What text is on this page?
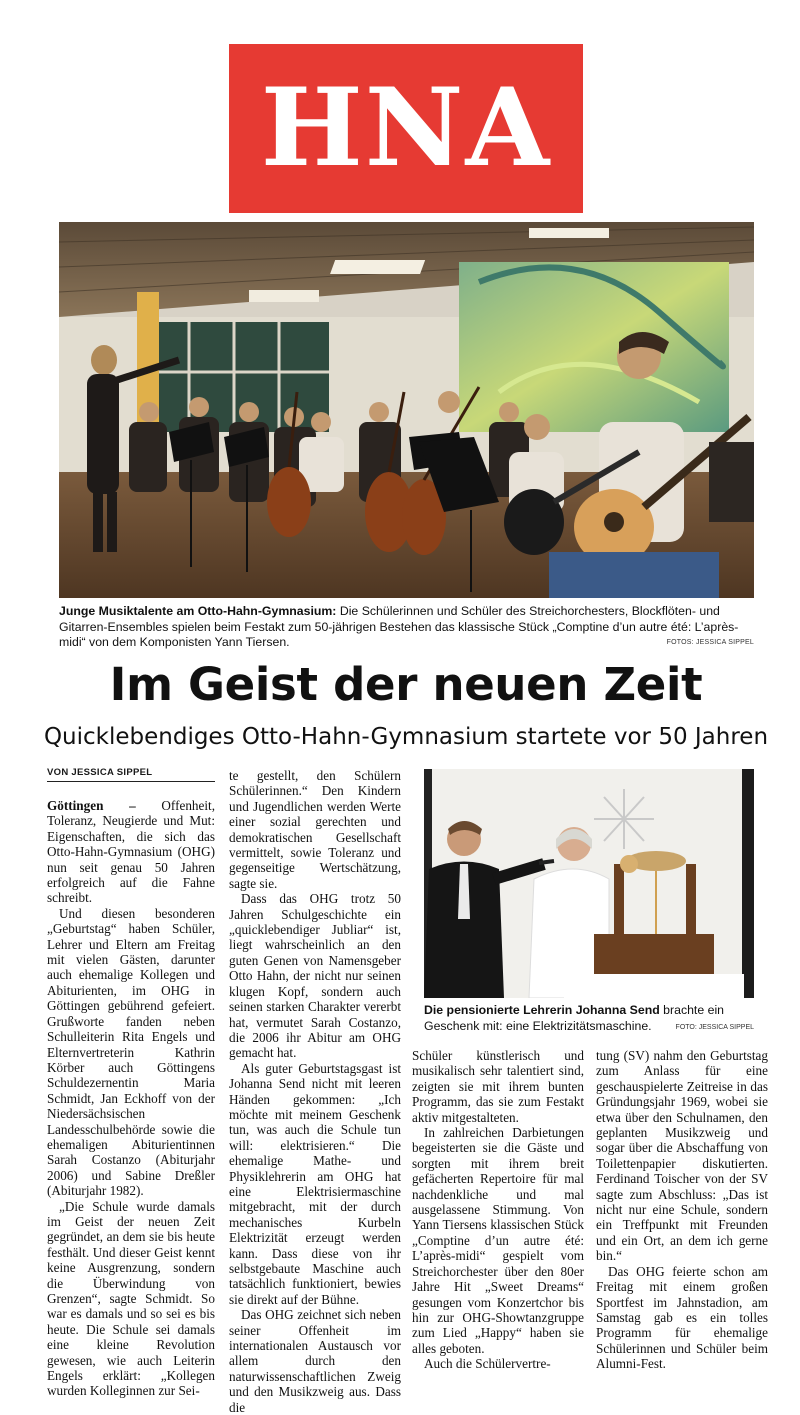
HNA
Junge Musiktalente am Otto-Hahn-Gymnasium: Die Schülerinnen und Schüler des Streichorchesters, Blockflöten- und Gitarren-Ensembles spielen beim Festakt zum 50-jährigen Bestehen das klassische Stück „Comptine d’un autre été: L’après-midi“ von dem Komponisten Yann Tiersen.	FOTOS: JESSICA SIPPEL
Im Geist der neuen Zeit
Quicklebendiges Otto-Hahn-Gymnasium startete vor 50 Jahren
VON JESSICA SIPPEL

Göttingen – Offenheit, Toleranz, Neugierde und Mut: Eigenschaften, die sich das Otto-Hahn-Gymnasium (OHG) nun seit genau 50 Jahren erfolgreich auf die Fahne schreibt.

Und diesen besonderen „Geburtstag“ haben Schüler, Lehrer und Eltern am Freitag mit vielen Gästen, darunter auch ehemalige Kollegen und Abiturienten, im OHG in Göttingen gebührend gefeiert. Grußworte fanden neben Schulleiterin Rita Engels und Elternvertreterin Kathrin Körber auch Göttingens Schuldezernentin Maria Schmidt, Jan Eckhoff von der Niedersächsischen Landesschulbehörde sowie die ehemaligen Abiturientinnen Sarah Costanzo (Abiturjahr 2006) und Sabine Dreßler (Abiturjahr 1982).

„Die Schule wurde damals im Geist der neuen Zeit gegründet, an dem sie bis heute festhält. Und dieser Geist kennt keine Ausgrenzung, sondern die Überwindung von Grenzen“, sagte Schmidt. So war es damals und so sei es bis heute. Die Schule sei damals eine kleine Revolution gewesen, wie auch Leiterin Engels erklärt: „Kollegen wurden Kolleginnen zur Sei-

te gestellt, den Schülern Schülerinnen.“ Den Kindern und Jugendlichen werden Werte einer sozial gerechten und demokratischen Gesellschaft vermittelt, sowie Toleranz und gegenseitige Wertschätzung, sagte sie.

Dass das OHG trotz 50 Jahren Schulgeschichte ein „quicklebendiger Jubliar“ ist, liegt wahrscheinlich an den guten Genen von Namensgeber Otto Hahn, der nicht nur seinen klugen Kopf, sondern auch seinen starken Charakter vererbt hat, vermutet Sarah Costanzo, die 2006 ihr Abitur am OHG gemacht hat.

Als guter Geburtstagsgast ist Johanna Send nicht mit leeren Händen gekommen: „Ich möchte mit meinem Geschenk tun, was auch die Schule tun will: elektrisieren.“ Die ehemalige Mathe- und Physiklehrerin am OHG hat eine Elektrisiermaschine mitgebracht, mit der durch mechanisches Kurbeln Elektrizität erzeugt werden kann. Dass diese von ihr selbstgebaute Maschine auch tatsächlich funktioniert, bewies sie direkt auf der Bühne.

Das OHG zeichnet sich neben seiner Offenheit im internationalen Austausch vor allem durch den naturwissenschaftlichen Zweig und den Musikzweig aus. Dass die

Die pensionierte Lehrerin Johanna Send brachte ein Geschenk mit: eine Elektrizitätsmaschine.	FOTO: JESSICA SIPPEL

Schüler künstlerisch und musikalisch sehr talentiert sind, zeigten sie mit ihrem bunten Programm, das sie zum Festakt aktiv mitgestalteten.

In zahlreichen Darbietungen begeisterten sie die Gäste und sorgten mit ihrem breit gefächerten Repertoire für mal nachdenkliche und mal ausgelassene Stimmung. Von Yann Tiersens klassischen Stück „Comptine d’un autre été: L’après-midi“ gespielt vom Streichorchester über den 80er Jahre Hit „Sweet Dreams“ gesungen vom Konzertchor bis hin zur OHG-Showtanzgruppe zum Lied „Happy“ haben sie alles geboten.

Auch die Schülervertre-

tung (SV) nahm den Geburtstag zum Anlass für eine geschauspielerte Zeitreise in das Gründungsjahr 1969, wobei sie etwa über den Schulnamen, den geplanten Musikzweig und sogar über die Abschaffung von Toilettenpapier diskutierten. Ferdinand Toischer von der SV sagte zum Abschluss: „Das ist nicht nur eine Schule, sondern ein Treffpunkt mit Freunden und ein Ort, an dem ich gerne bin.“

Das OHG feierte schon am Freitag mit einem großen Sportfest im Jahnstadion, am Samstag gab es ein tolles Programm für ehemalige Schülerinnen und Schüler beim Alumni-Fest.
